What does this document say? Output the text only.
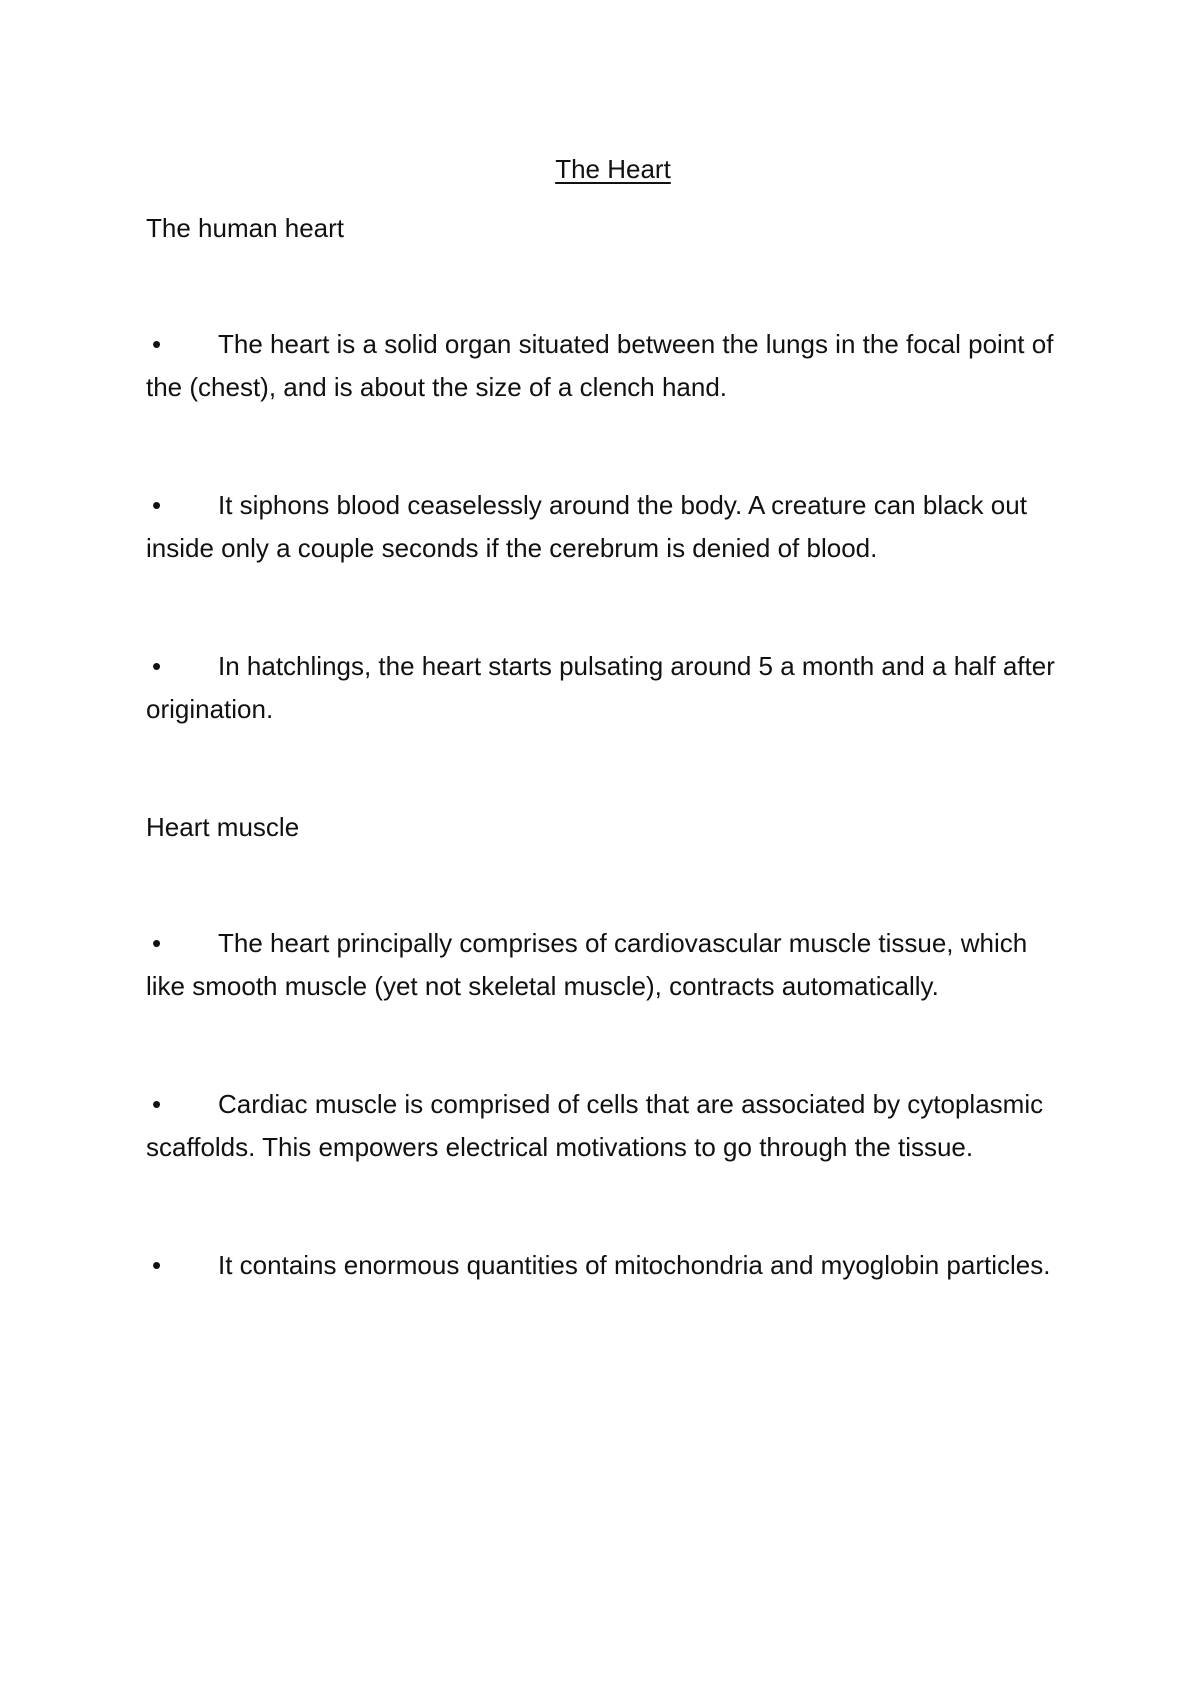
The Heart

The human heart

• The heart is a solid organ situated between the lungs in the focal point of the (chest), and is about the size of a clench hand.

• It siphons blood ceaselessly around the body. A creature can black out inside only a couple seconds if the cerebrum is denied of blood.

• In hatchlings, the heart starts pulsating around 5 a month and a half after origination.

Heart muscle

• The heart principally comprises of cardiovascular muscle tissue, which like smooth muscle (yet not skeletal muscle), contracts automatically.

• Cardiac muscle is comprised of cells that are associated by cytoplasmic scaffolds. This empowers electrical motivations to go through the tissue.

• It contains enormous quantities of mitochondria and myoglobin particles.
